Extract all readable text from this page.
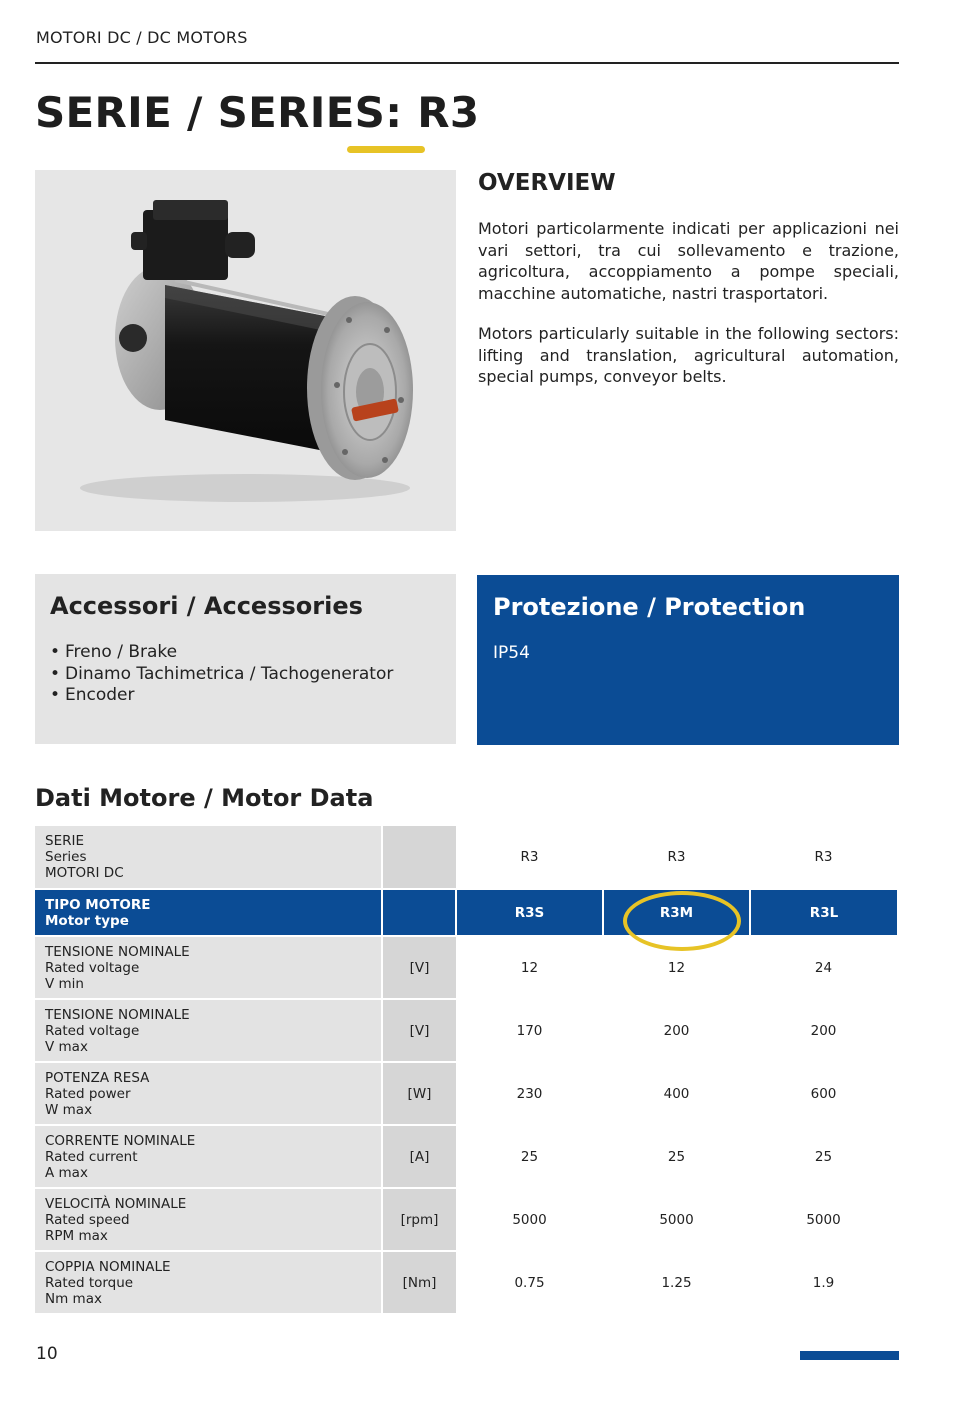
MOTORI DC / DC MOTORS
SERIE / SERIES: R3
OVERVIEW

Motori particolarmente indicati per applicazioni nei vari settori, tra cui sollevamento e trazione, agricoltura, accoppiamento a pompe speciali, macchine automatiche, nastri trasportatori.

Motors particularly suitable in the following sectors: lifting and translation, agricultural automation, special pumps, conveyor belts.

Accessori / Accessories
• Freno / Brake
• Dinamo Tachimetrica / Tachogenerator
• Encoder
Protezione / Protection
IP54
Dati Motore / Motor Data
SERIE
Series
MOTORI DC		R3	R3	R3

TIPO MOTORE
Motor type		R3S	R3M	R3L

TENSIONE NOMINALE
Rated voltage
V min	[V]	12	12	24

TENSIONE NOMINALE
Rated voltage
V max	[V]	170	200	200

POTENZA RESA
Rated power
W max	[W]	230	400	600

CORRENTE NOMINALE
Rated current
A max	[A]	25	25	25

VELOCITÀ NOMINALE
Rated speed
RPM max	[rpm]	5000	5000	5000

COPPIA NOMINALE
Rated torque
Nm max	[Nm]	0.75	1.25	1.9
10
